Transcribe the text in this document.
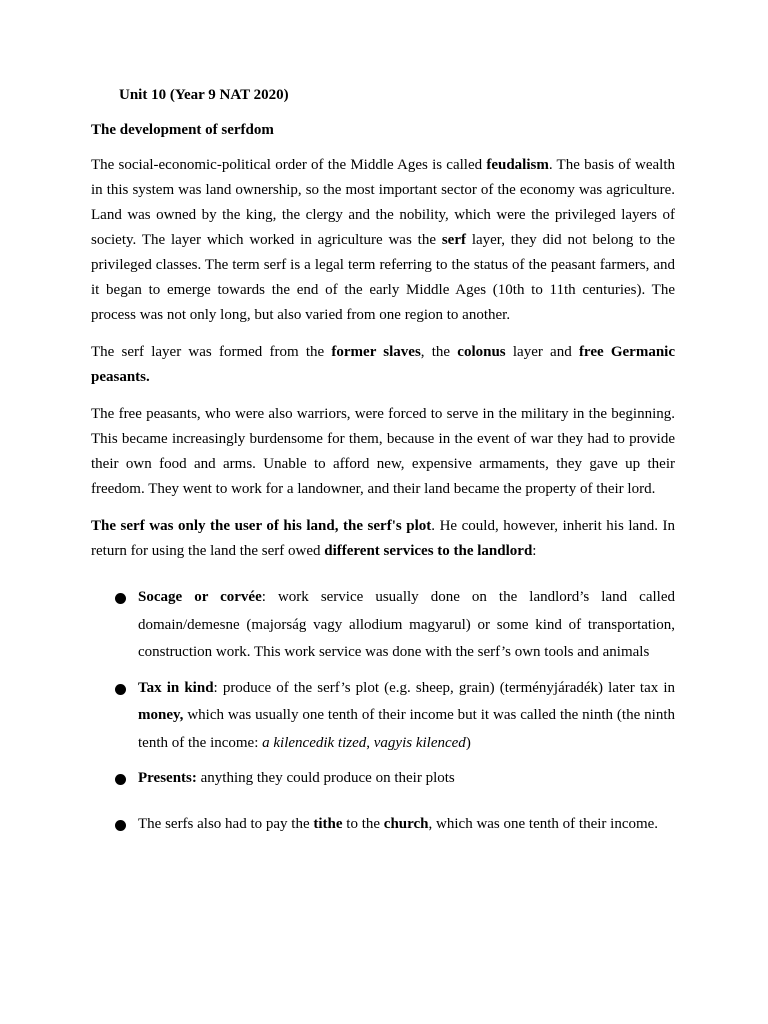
Unit 10 (Year 9 NAT 2020)
The development of serfdom

The social-economic-political order of the Middle Ages is called feudalism. The basis of wealth in this system was land ownership, so the most important sector of the economy was agriculture. Land was owned by the king, the clergy and the nobility, which were the privileged layers of society. The layer which worked in agriculture was the serf layer, they did not belong to the privileged classes. The term serf is a legal term referring to the status of the peasant farmers, and it began to emerge towards the end of the early Middle Ages (10th to 11th centuries). The process was not only long, but also varied from one region to another.

The serf layer was formed from the former slaves, the colonus layer and free Germanic peasants.

The free peasants, who were also warriors, were forced to serve in the military in the beginning. This became increasingly burdensome for them, because in the event of war they had to provide their own food and arms. Unable to afford new, expensive armaments, they gave up their freedom. They went to work for a landowner, and their land became the property of their lord.

The serf was only the user of his land, the serf's plot. He could, however, inherit his land. In return for using the land the serf owed different services to the landlord:

Socage or corvée: work service usually done on the landlord’s land called domain/demesne (majorság vagy allodium magyarul) or some kind of transportation, construction work. This work service was done with the serf’s own tools and animals
Tax in kind: produce of the serf’s plot (e.g. sheep, grain) (terményjáradék) later tax in money, which was usually one tenth of their income but it was called the ninth (the ninth tenth of the income: a kilencedik tized, vagyis kilenced)
Presents: anything they could produce on their plots
The serfs also had to pay the tithe to the church, which was one tenth of their income.
